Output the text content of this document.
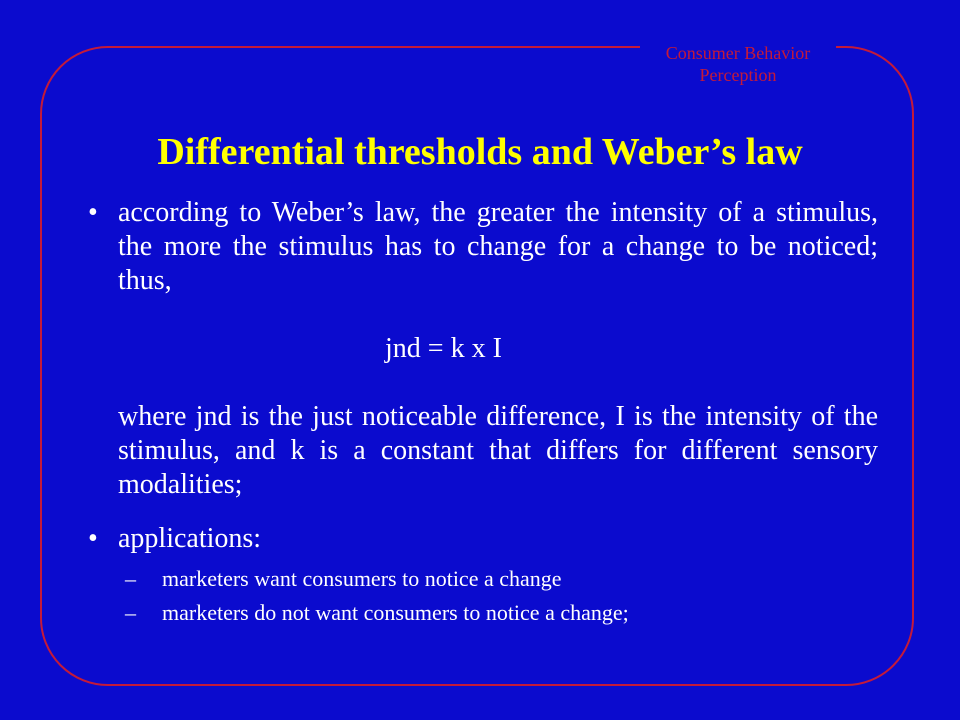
Consumer Behavior
Perception
Differential thresholds and Weber’s law
• according to Weber’s law, the greater the intensity of a stimulus, the more the stimulus has to change for a change to be noticed; thus,
jnd = k x I
where jnd is the just noticeable difference, I is the intensity of the stimulus, and k is a constant that differs for different sensory modalities;
• applications:
– marketers want consumers to notice a change
– marketers do not want consumers to notice a change;
